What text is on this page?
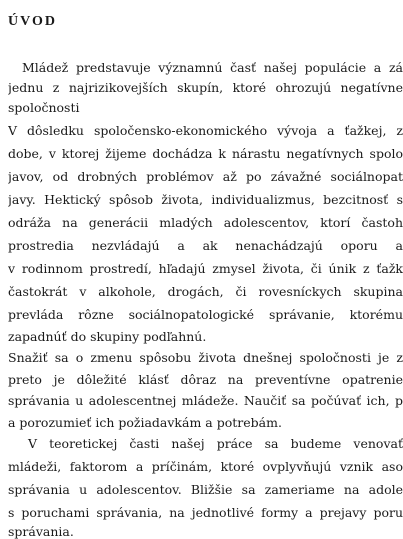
ÚVOD
Mládež predstavuje významnú časť našej populácie a zá
jednu z najrizikovejších skupín, ktoré ohrozujú negatívne
spoločnosti
V dôsledku spoločensko-ekonomického vývoja a ťažkej, z
dobe, v ktorej žijeme dochádza k nárastu negatívnych spolo
javov, od drobných problémov až po závažné sociálnopat
javy. Hektický spôsob života, individualizmus, bezcitnosť s
odráža na generácii mladých adolescentov, ktorí častoh
prostredia nezvládajú a ak nenachádzajú oporu a
v rodinnom prostredí, hľadajú zmysel života, či únik z ťažk
častokrát v alkohole, drogách, či rovesníckych skupina
prevláda rôzne sociálnopatologické správanie, ktorému
zapadnúť do skupiny podľahnú.
Snažiť sa o zmenu spôsobu života dnešnej spoločnosti je z
preto je dôležité klásť dôraz na preventívne opatrenie
správania u adolescentnej mládeže. Naučiť sa počúvať ich, p
a porozumieť ich požiadavkám a potrebám.
V teoretickej časti našej práce sa budeme venovať
mládeži, faktorom a príčinám, ktoré ovplyvňujú vznik aso
správania u adolescentov. Bližšie sa zameriame na adole
s poruchami správania, na jednotlivé formy a prejavy poru
správania.
